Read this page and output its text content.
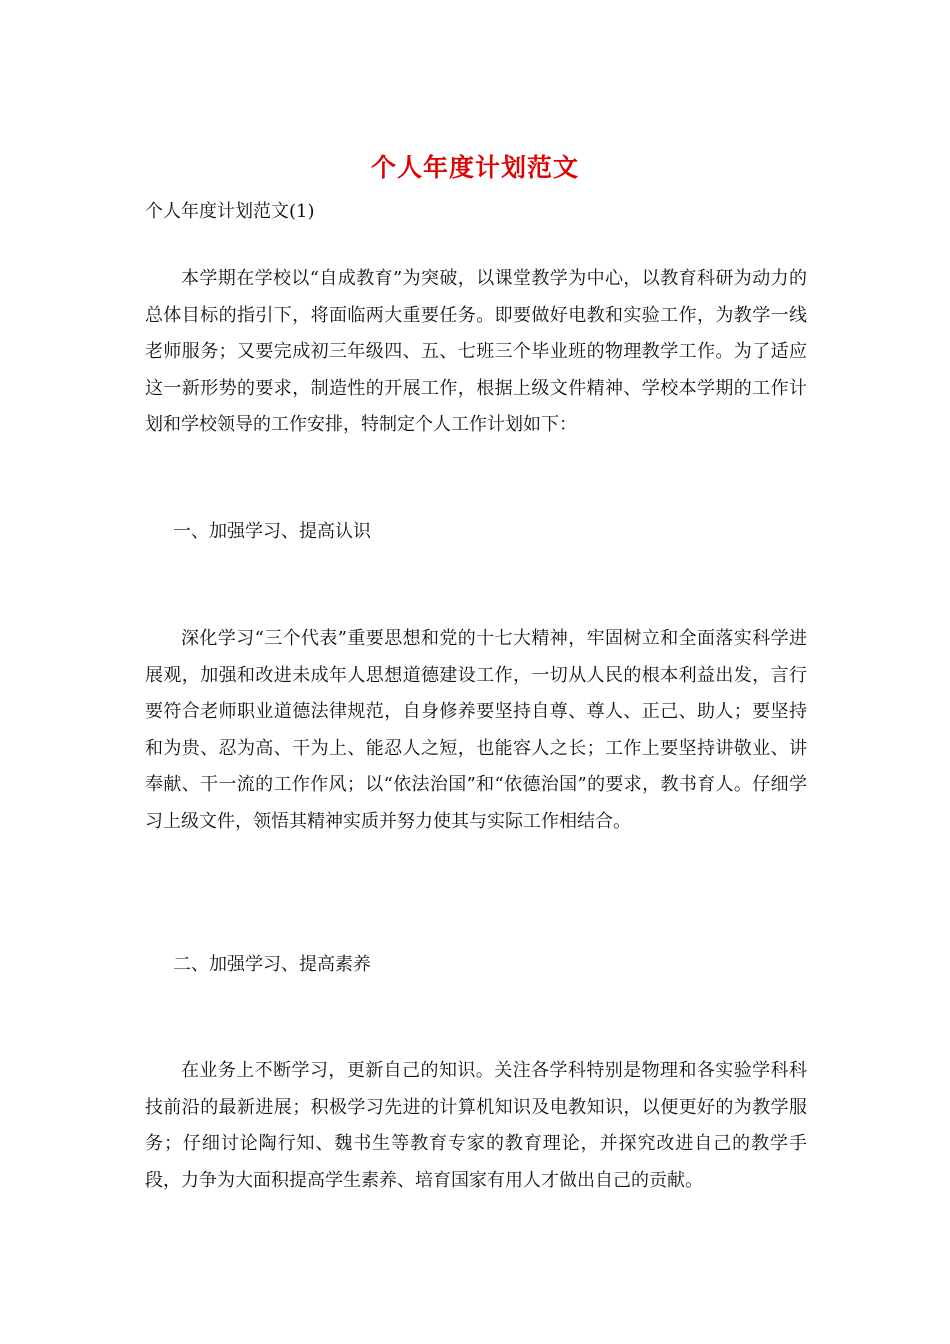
个人年度计划范文
个人年度计划范文(1)

本学期在学校以“自成教育”为突破，以课堂教学为中心，以教育科研为动力的总体目标的指引下，将面临两大重要任务。即要做好电教和实验工作，为教学一线老师服务；又要完成初三年级四、五、七班三个毕业班的物理教学工作。为了适应这一新形势的要求，制造性的开展工作，根据上级文件精神、学校本学期的工作计划和学校领导的工作安排，特制定个人工作计划如下：

一、加强学习、提高认识

深化学习“三个代表”重要思想和党的十七大精神，牢固树立和全面落实科学进展观，加强和改进未成年人思想道德建设工作，一切从人民的根本利益出发，言行要符合老师职业道德法律规范，自身修养要坚持自尊、尊人、正己、助人；要坚持和为贵、忍为高、干为上、能忍人之短，也能容人之长；工作上要坚持讲敬业、讲奉献、干一流的工作作风；以“依法治国”和“依德治国”的要求，教书育人。仔细学习上级文件，领悟其精神实质并努力使其与实际工作相结合。

二、加强学习、提高素养

在业务上不断学习，更新自己的知识。关注各学科特别是物理和各实验学科科技前沿的最新进展；积极学习先进的计算机知识及电教知识，以便更好的为教学服务；仔细讨论陶行知、魏书生等教育专家的教育理论，并探究改进自己的教学手段，力争为大面积提高学生素养、培育国家有用人才做出自己的贡献。
